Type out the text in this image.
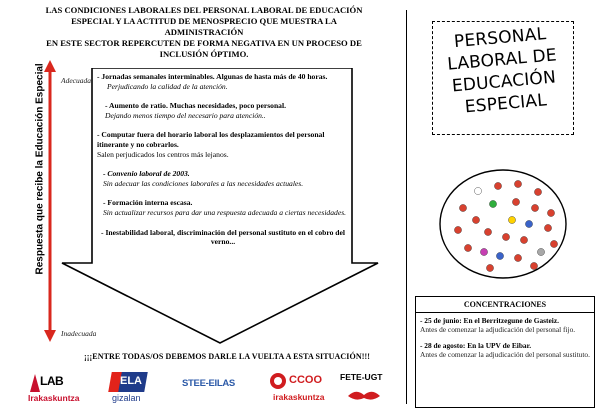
LAS CONDICIONES LABORALES DEL PERSONAL LABORAL DE EDUCACIÓN
ESPECIAL Y LA ACTITUD DE MENOSPRECIO QUE MUESTRA LA ADMINISTRACIÓN
EN ESTE SECTOR REPERCUTEN DE FORMA NEGATIVA EN UN PROCESO DE
INCLUSIÓN ÓPTIMO.
Respuesta que recibe la Educación Especial Adecuada
Inadecuada
- Jornadas semanales interminables. Algunas de hasta más de 40 horas.
Perjudicando la calidad de la atención.
- Aumento de ratio. Muchas necesidades, poco personal.
Dejando menos tiempo del necesario para atención..
- Computar fuera del horario laboral los desplazamientos del personal itinerante y no cobrarlos.
Salen perjudicados los centros más lejanos.
- Convenio laboral de 2003.
Sin adecuar las condiciones laborales a las necesidades actuales.
- Formación interna escasa.
Sin actualizar recursos para dar una respuesta adecuada a ciertas necesidades.
- Inestabilidad laboral, discriminación del personal sustituto en el cobro del verno...
¡¡¡ENTRE TODAS/OS DEBEMOS DARLE LA VUELTA A ESTA SITUACIÓN!!!
LAB
Irakaskuntza
ELA
gizalan
STEE-EILAS	CCOO
irakaskuntza
FETE-UGT
PERSONAL
LABORAL DE
EDUCACIÓN
ESPECIAL
CONCENTRACIONES
- 25 de junio: En el Berritzegune de Gasteiz.
Antes de comenzar la adjudicación del personal fijo.
- 28 de agosto: En la UPV de Eibar.
Antes de comenzar la adjudicación del personal sustituto.
